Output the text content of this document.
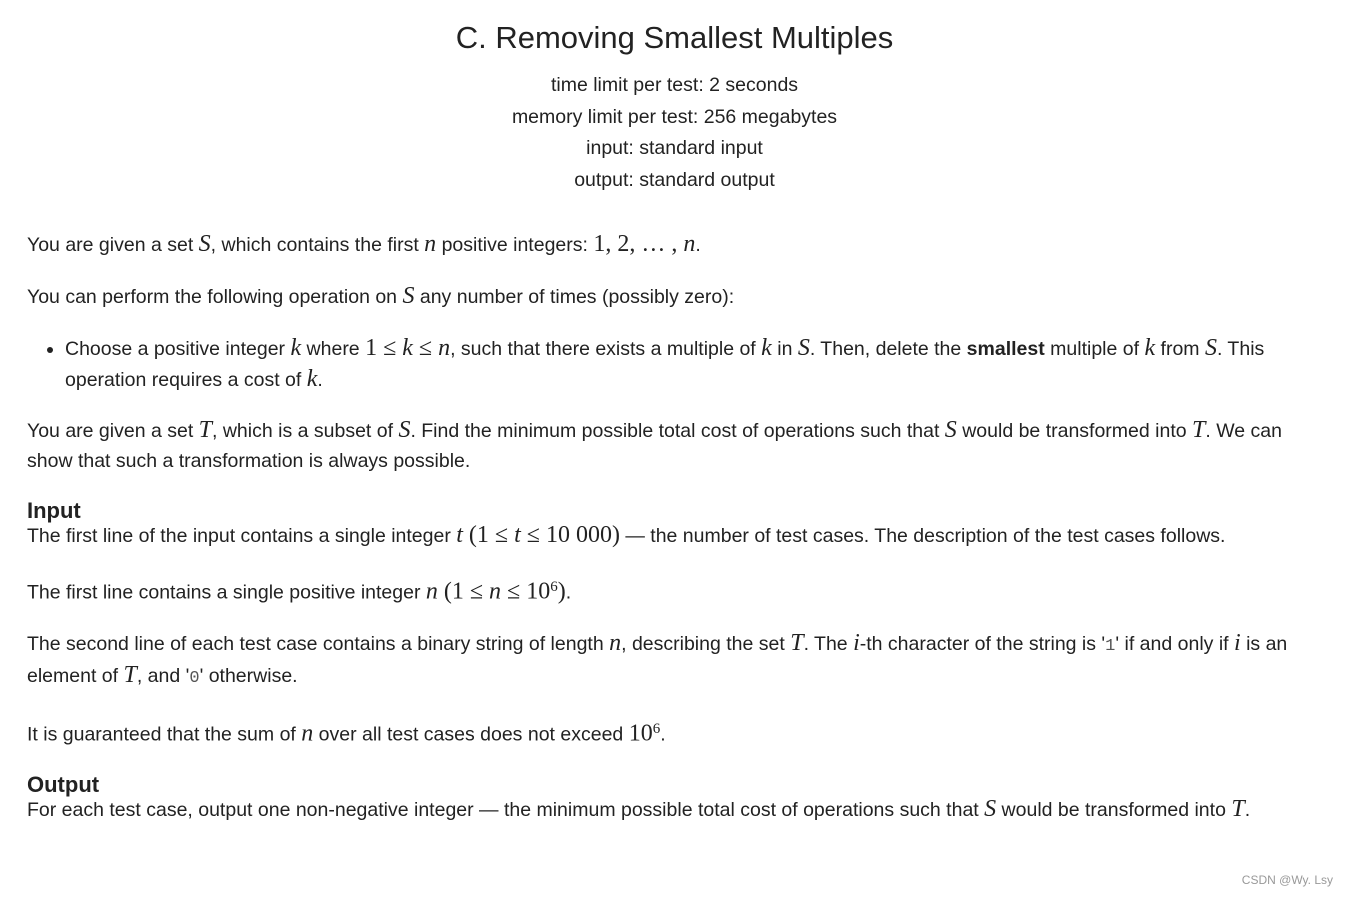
C. Removing Smallest Multiples
time limit per test: 2 seconds
memory limit per test: 256 megabytes
input: standard input
output: standard output

You are given a set S, which contains the first n positive integers: 1, 2, … , n.

You can perform the following operation on S any number of times (possibly zero):

• Choose a positive integer k where 1 ≤ k ≤ n, such that there exists a multiple of k in S. Then, delete the smallest multiple of k from S. This operation requires a cost of k.

You are given a set T, which is a subset of S. Find the minimum possible total cost of operations such that S would be transformed into T. We can show that such a transformation is always possible.

Input

The first line of the input contains a single integer t (1 ≤ t ≤ 10 000) — the number of test cases. The description of the test cases follows.

The first line contains a single positive integer n $(1 \le n \le 10^6)$.

The second line of each test case contains a binary string of length n, describing the set T. The i-th character of the string is '1' if and only if i is an element of T, and '0' otherwise.

It is guaranteed that the sum of n over all test cases does not exceed $10^6$.

Output

For each test case, output one non-negative integer — the minimum possible total cost of operations such that S would be transformed into T.

CSDN @Wy. Lsy
